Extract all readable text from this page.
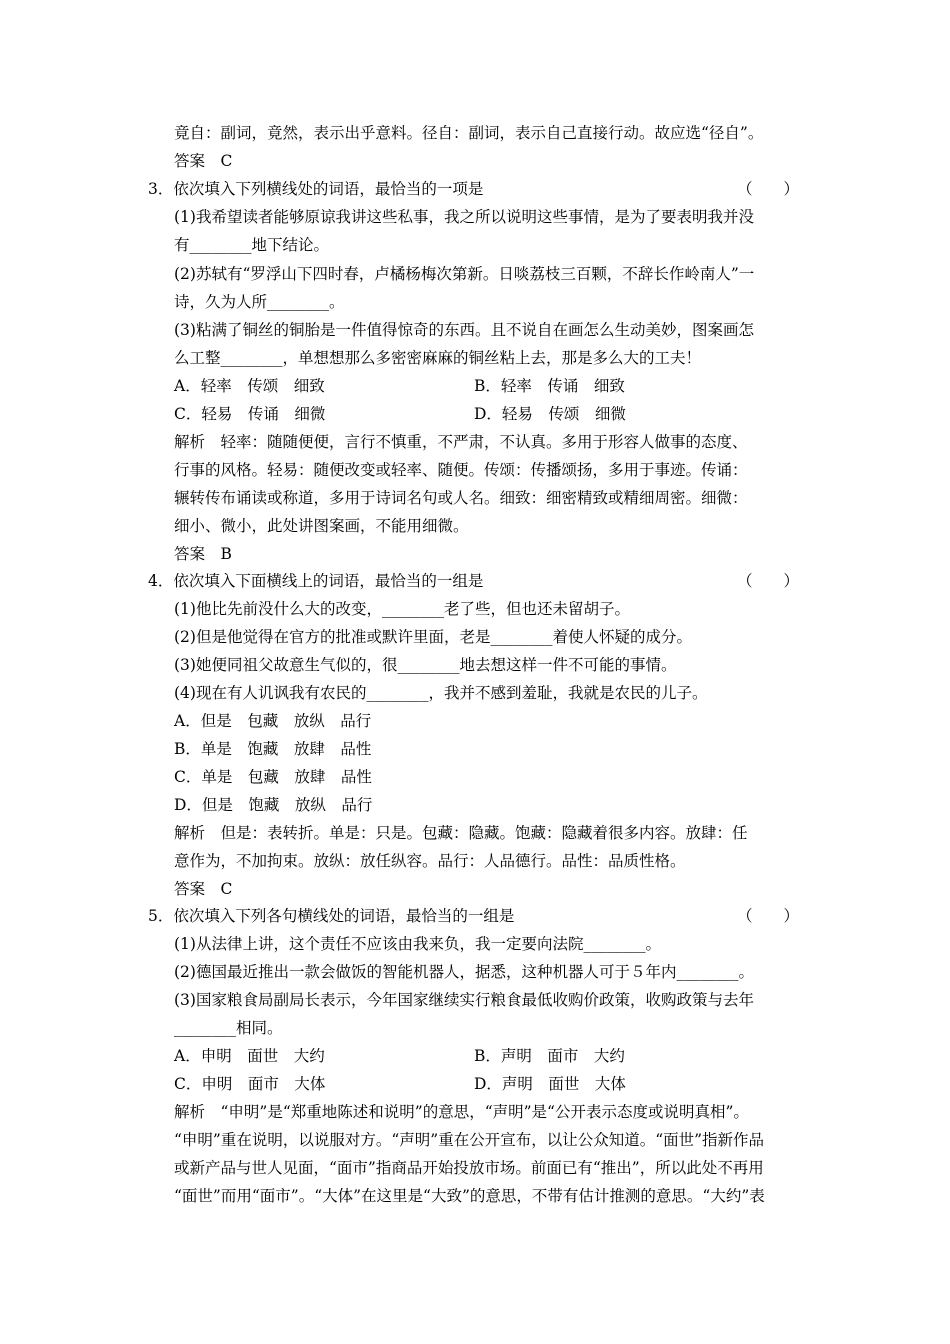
竟自：副词，竟然，表示出乎意料。径自：副词，表示自己直接行动。故应选“径自”。
答案　C
3．依次填入下列横线处的词语，最恰当的一项是	（　　）
(1)我希望读者能够原谅我讲这些私事，我之所以说明这些事情，是为了要表明我并没
有________地下结论。
(2)苏轼有“罗浮山下四时春，卢橘杨梅次第新。日啖荔枝三百颗，不辞长作岭南人”一
诗，久为人所________。
(3)粘满了铜丝的铜胎是一件值得惊奇的东西。且不说自在画怎么生动美妙，图案画怎
么工整________，单想想那么多密密麻麻的铜丝粘上去，那是多么大的工夫！
A．轻率　传颂　细致	B．轻率　传诵　细致
C．轻易　传诵　细微	D．轻易　传颂　细微
解析　轻率：随随便便，言行不慎重，不严肃，不认真。多用于形容人做事的态度、
行事的风格。轻易：随便改变或轻率、随便。传颂：传播颂扬，多用于事迹。传诵：
辗转传布诵读或称道，多用于诗词名句或人名。细致：细密精致或精细周密。细微：
细小、微小，此处讲图案画，不能用细微。
答案　B
4．依次填入下面横线上的词语，最恰当的一组是	（　　）
(1)他比先前没什么大的改变，________老了些，但也还未留胡子。
(2)但是他觉得在官方的批准或默许里面，老是________着使人怀疑的成分。
(3)她便同祖父故意生气似的，很________地去想这样一件不可能的事情。
(4)现在有人讥讽我有农民的________，我并不感到羞耻，我就是农民的儿子。
A．但是　包藏　放纵　品行
B．单是　饱藏　放肆　品性
C．单是　包藏　放肆　品性
D．但是　饱藏　放纵　品行
解析　但是：表转折。单是：只是。包藏：隐藏。饱藏：隐藏着很多内容。放肆：任
意作为，不加拘束。放纵：放任纵容。品行：人品德行。品性：品质性格。
答案　C
5．依次填入下列各句横线处的词语，最恰当的一组是	（　　）
(1)从法律上讲，这个责任不应该由我来负，我一定要向法院________。
(2)德国最近推出一款会做饭的智能机器人，据悉，这种机器人可于５年内________。
(3)国家粮食局副局长表示，今年国家继续实行粮食最低收购价政策，收购政策与去年
________相同。
A．申明　面世　大约	B．声明　面市　大约
C．申明　面市　大体	D．声明　面世　大体
解析　“申明”是“郑重地陈述和说明”的意思，“声明”是“公开表示态度或说明真相”。
“申明”重在说明，以说服对方。“声明”重在公开宣布，以让公众知道。“面世”指新作品
或新产品与世人见面，“面市”指商品开始投放市场。前面已有“推出”，所以此处不再用
“面世”而用“面市”。“大体”在这里是“大致”的意思，不带有估计推测的意思。“大约”表
